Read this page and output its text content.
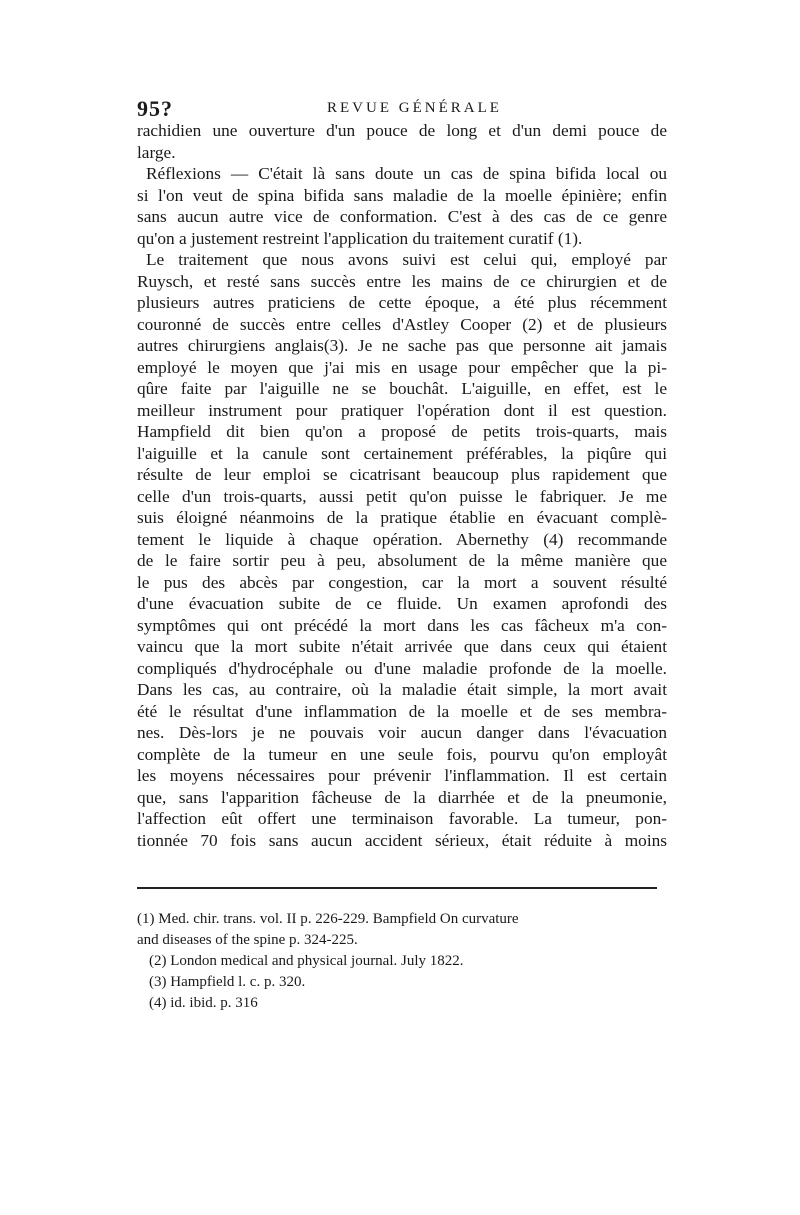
95?	REVUE GÉNÉRALE
rachidien une ouverture d'un pouce de long et d'un demi pouce de
large.
Réflexions — C'était là sans doute un cas de spina bifida local ou
si l'on veut de spina bifida sans maladie de la moelle épinière; enfin
sans aucun autre vice de conformation. C'est à des cas de ce genre
qu'on a justement restreint l'application du traitement curatif (1).
Le traitement que nous avons suivi est celui qui, employé par
Ruysch, et resté sans succès entre les mains de ce chirurgien et de
plusieurs autres praticiens de cette époque, a été plus récemment
couronné de succès entre celles d'Astley Cooper (2) et de plusieurs
autres chirurgiens anglais(3). Je ne sache pas que personne ait jamais
employé le moyen que j'ai mis en usage pour empêcher que la pi-
qûre faite par l'aiguille ne se bouchât. L'aiguille, en effet, est le
meilleur instrument pour pratiquer l'opération dont il est question.
Hampfield dit bien qu'on a proposé de petits trois-quarts, mais
l'aiguille et la canule sont certainement préférables, la piqûre qui
résulte de leur emploi se cicatrisant beaucoup plus rapidement que
celle d'un trois-quarts, aussi petit qu'on puisse le fabriquer. Je me
suis éloigné néanmoins de la pratique établie en évacuant complè-
tement le liquide à chaque opération. Abernethy (4) recommande
de le faire sortir peu à peu, absolument de la même manière que
le pus des abcès par congestion, car la mort a souvent résulté
d'une évacuation subite de ce fluide. Un examen aprofondi des
symptômes qui ont précédé la mort dans les cas fâcheux m'a con-
vaincu que la mort subite n'était arrivée que dans ceux qui étaient
compliqués d'hydrocéphale ou d'une maladie profonde de la moelle.
Dans les cas, au contraire, où la maladie était simple, la mort avait
été le résultat d'une inflammation de la moelle et de ses membra-
nes. Dès-lors je ne pouvais voir aucun danger dans l'évacuation
complète de la tumeur en une seule fois, pourvu qu'on employât
les moyens nécessaires pour prévenir l'inflammation. Il est certain
que, sans l'apparition fâcheuse de la diarrhée et de la pneumonie,
l'affection eût offert une terminaison favorable. La tumeur, pon-
tionnée 70 fois sans aucun accident sérieux, était réduite à moins
(1) Med. chir. trans. vol. II p. 226-229. Bampfield On curvature
and diseases of the spine p. 324-225.
(2) London medical and physical journal. July 1822.
(3) Hampfield l. c. p. 320.
(4) id. ibid. p. 316
